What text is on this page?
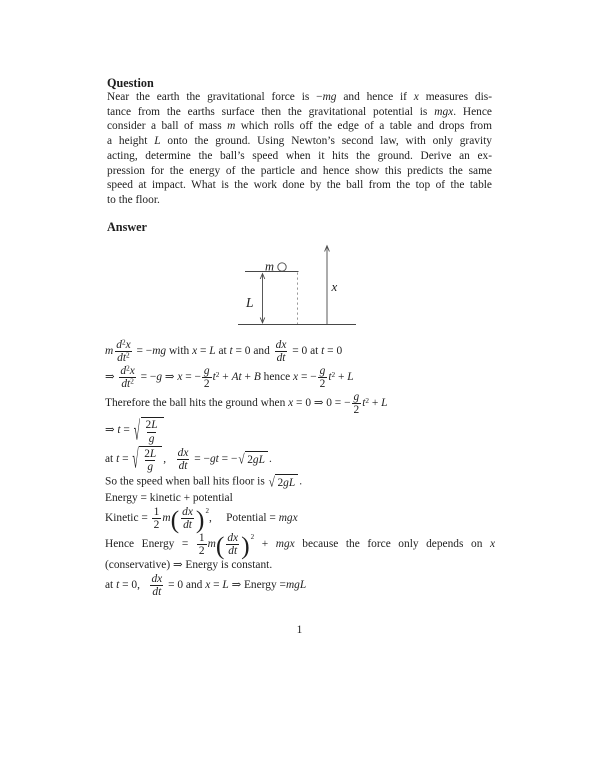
Question
Near the earth the gravitational force is −mg and hence if x measures dis-
tance from the earths surface then the gravitational potential is mgx. Hence
consider a ball of mass m which rolls off the edge of a table and drops from
a height L onto the ground. Using Newton’s second law, with only gravity
acting, determine the ball’s speed when it hits the ground. Derive an ex-
pression for the energy of the particle and hence show this predicts the same
speed at impact. What is the work done by the ball from the top of the table
to the floor.
Answer
m
L
x
m $\frac{d^2x}{dt^2} = -mg$ with x = L at t = 0 and $\frac{dx}{dt} = 0$ at t = 0
⇒ $\frac{d^2x}{dt^2} = -g$ ⇒ x = − $\frac{g}{2} t^2 + At + B$ hence x = − $\frac{g}{2} t^2 + L$
Therefore the ball hits the ground when x = 0 ⇒ 0 = − $\frac{g}{2} t^2 + L$
⇒ t = √ $\frac{2L}{g}$
at t = √ $\frac{2L}{g}$ , $\frac{dx}{dt} = -gt$ = − √ 2 gL .
So the speed when ball hits floor is √ 2 gL .
Energy = kinetic + potential
Kinetic = $\frac{1}{2} m( \frac{dx}{dt} )^2$,     Potential = mgx
Hence Energy = $\frac{1}{2} m( \frac{dx}{dt} )^2$ + mgx because the force only depends on x
(conservative) ⇒ Energy is constant.
at t = 0, $\frac{dx}{dt} = 0$ and x = L ⇒ Energy =mgL
1
